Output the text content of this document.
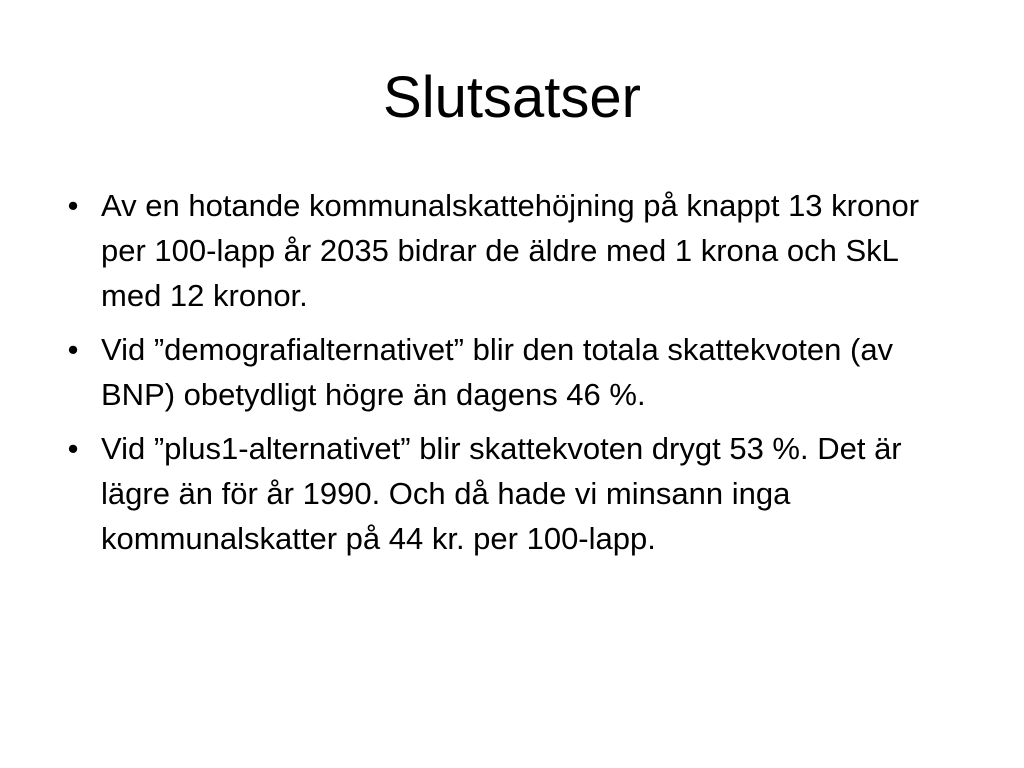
Slutsatser
• Av en hotande kommunalskattehöjning på knappt 13 kronor per 100-lapp år 2035 bidrar de äldre med 1 krona och SkL med 12 kronor.
• Vid ”demografialternativet” blir den totala skattekvoten (av BNP) obetydligt högre än dagens 46 %.
• Vid ”plus1-alternativet” blir skattekvoten drygt 53 %. Det är lägre än för år 1990. Och då hade vi minsann inga kommunalskatter på 44 kr. per 100-lapp.
